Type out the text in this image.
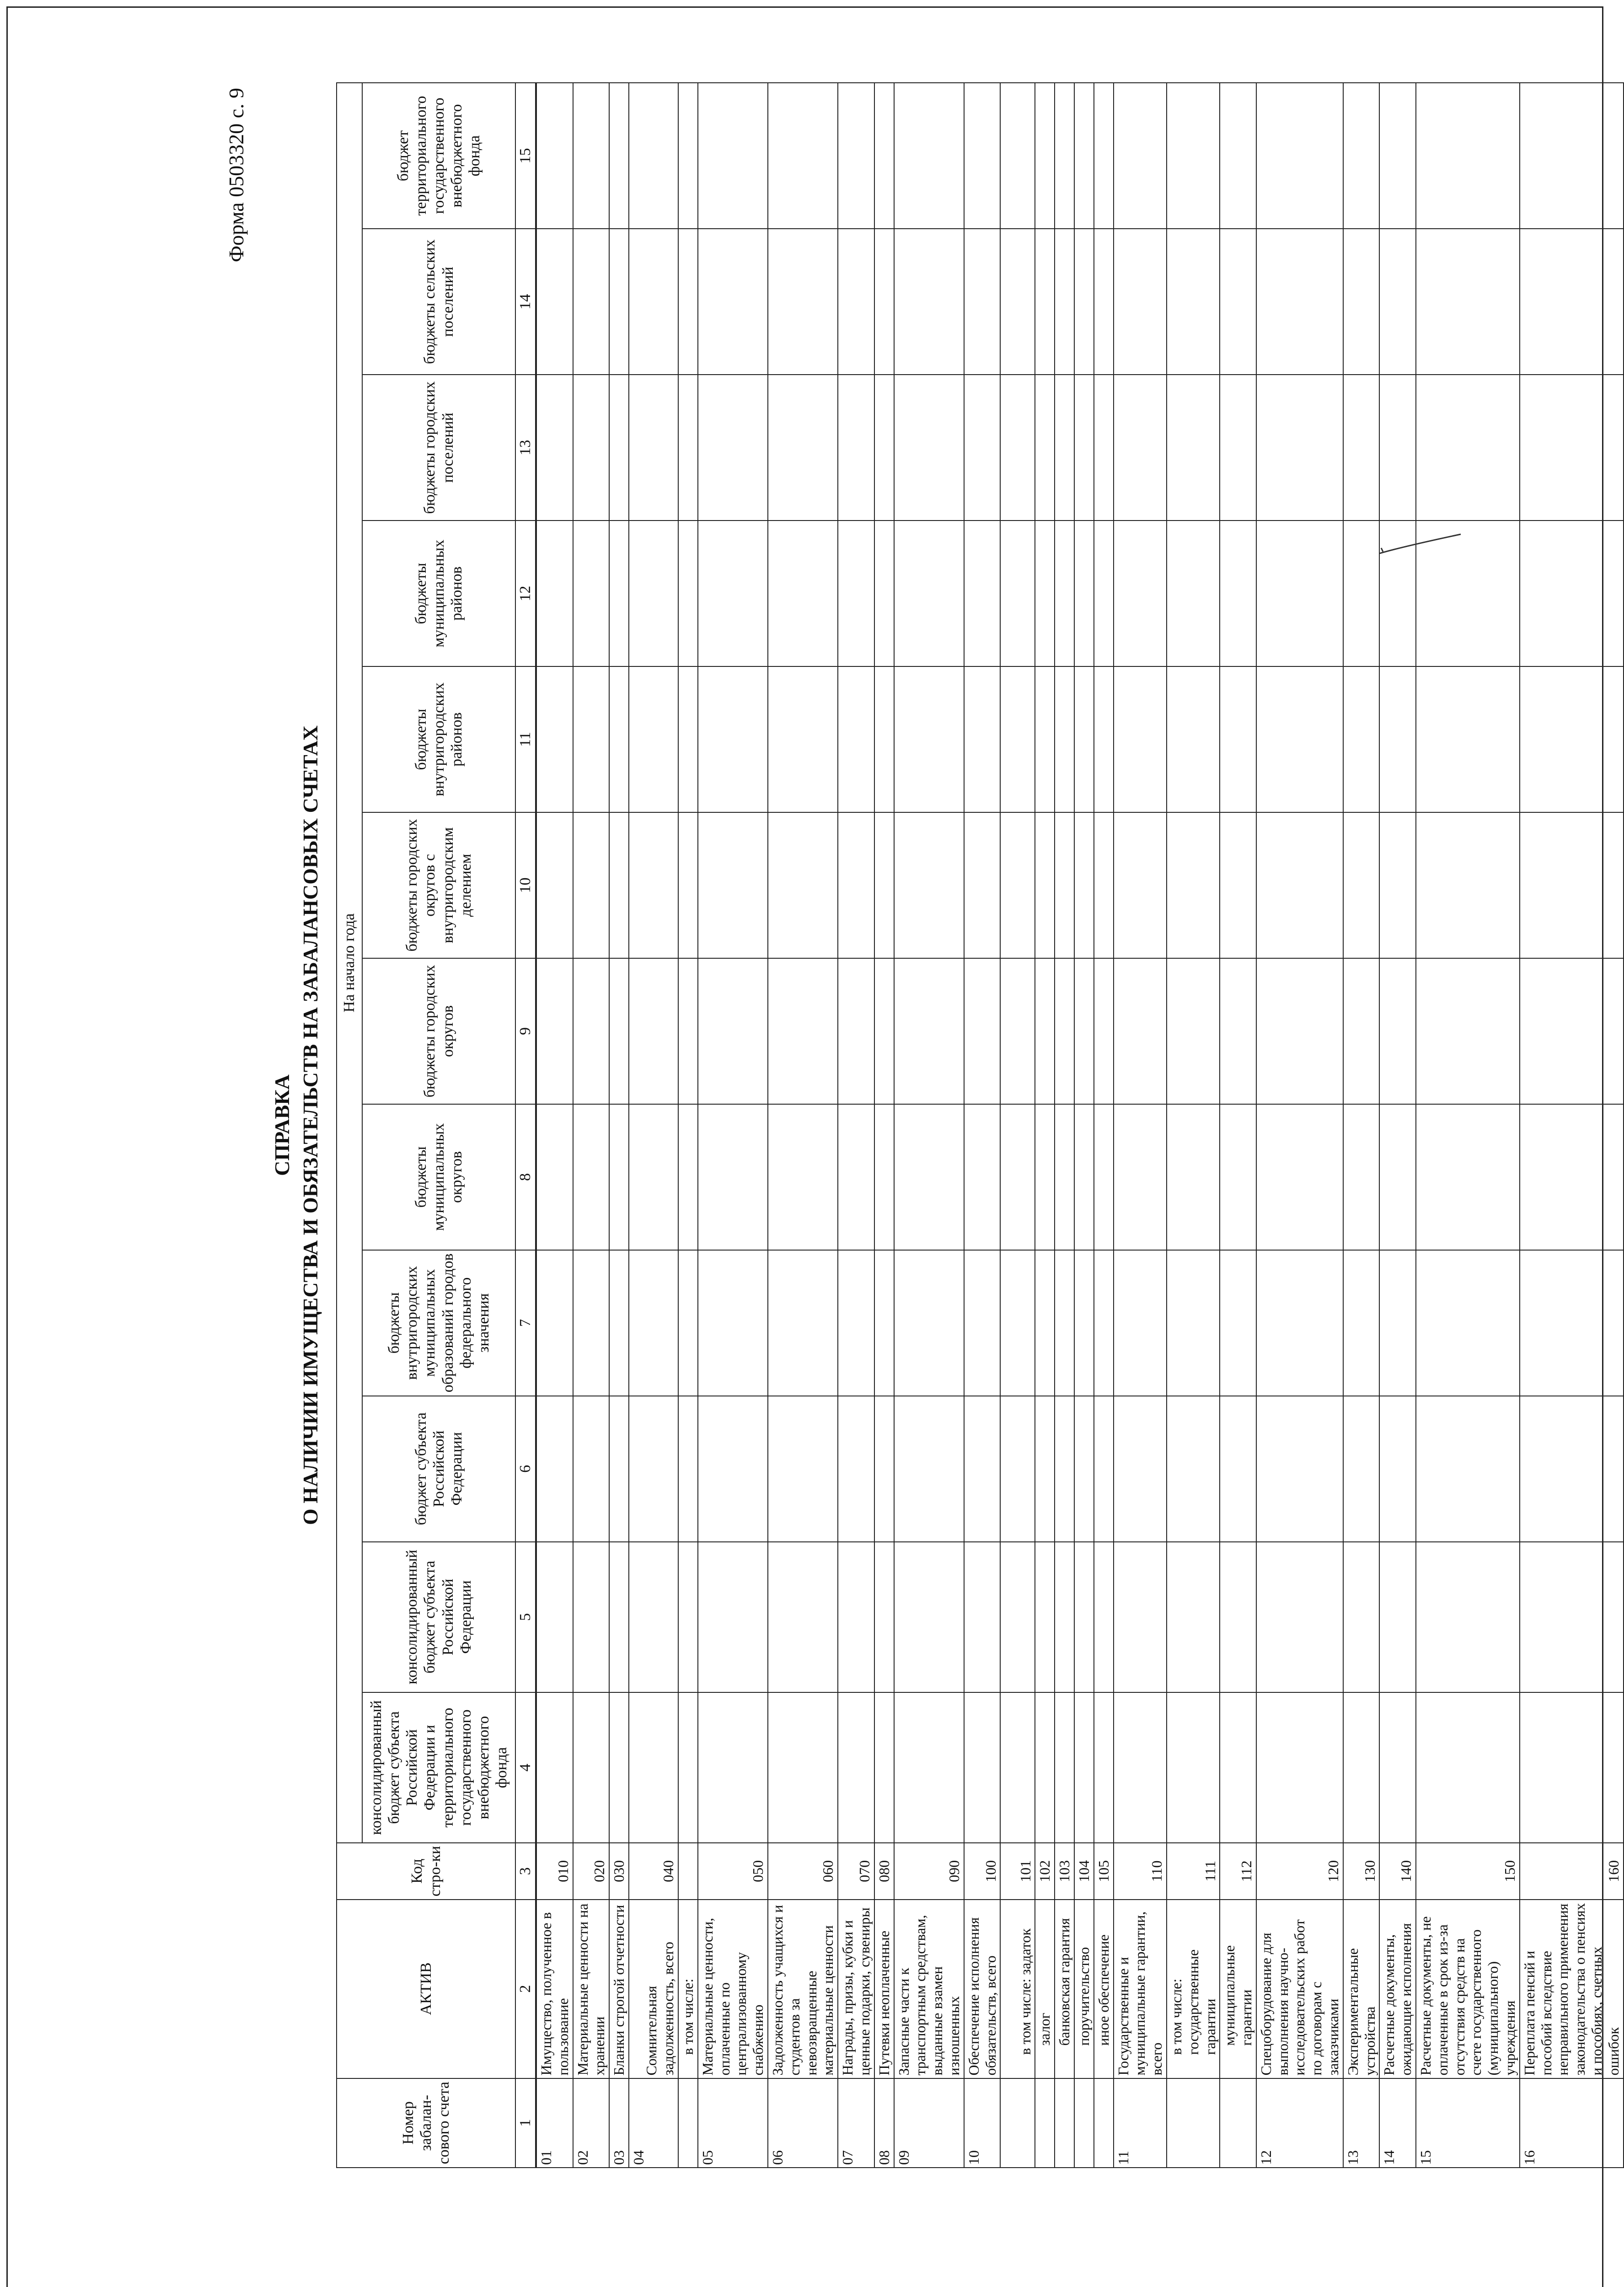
Форма 0503320 с. 9
СПРАВКА О НАЛИЧИИ ИМУЩЕСТВА И ОБЯЗАТЕЛЬСТВ НА ЗАБАЛАНСОВЫХ СЧЕТАХ
Номер забалан-сового счета	АКТИВ	Код стро-ки	На начало года											
			консолидированный бюджет субъекта Российской Федерации и территориального государственного внебюджетного фонда	консолидированный бюджет субъекта Российской Федерации	бюджет субъекта Российской Федерации	бюджеты внутригородских муниципальных образований городов федерального значения	бюджеты муниципальных округов	бюджеты городских округов	бюджеты городских округов с внутригородским делением	бюджеты внутригородских районов	бюджеты муниципальных районов	бюджеты городских поселений	бюджеты сельских поселений	бюджет территориального государственного внебюджетного фонда
1	2	3	4	5	6	7	8	9	10	11	12	13	14	15
01	Имущество, полученное в пользование	010												
02	Материальные ценности на хранении	020												
03	Бланки строгой отчетности	030												
04	Сомнительная задолженность, всего	040												
	в том числе:													
05	Материальные ценности, оплаченные по централизованному снабжению	050												
06	Задолженность учащихся и студентов за невозвращенные материальные ценности	060												
07	Награды, призы, кубки и ценные подарки, сувениры	070												
08	Путевки неоплаченные	080												
09	Запасные части к транспортным средствам, выданные взамен изношенных	090												
10	Обеспечение исполнения обязательств, всего	100												
	в том числе: задаток	101												
	залог	102												
	банковская гарантия	103												
	поручительство	104												
	иное обеспечение	105												
11	Государственные и муниципальные гарантии, всего	110												
	в том числе: государственные гарантии	111												
	муниципальные гарантии	112												
12	Спецоборудование для выполнения научно-исследовательских работ по договорам с заказчиками	120												
13	Экспериментальные устройства	130												
14	Расчетные документы, ожидающие исполнения	140												
15	Расчетные документы, не оплаченные в срок из-за отсутствия средств на счете государственного (муниципального) учреждения	150												
16	Переплата пенсий и пособий вследствие неправильного применения законодательства о пенсиях и пособиях, счетных ошибок	160												
